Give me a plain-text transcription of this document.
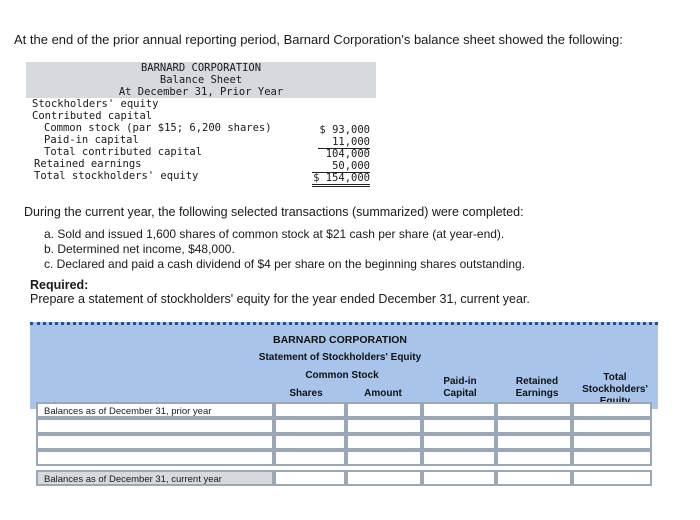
At the end of the prior annual reporting period, Barnard Corporation's balance sheet showed the following:

BARNARD CORPORATION

Balance Sheet

At December 31, Prior Year

Stockholders' equity

Contributed capital

Common stock (par $15; 6,200 shares)

Paid-in capital

Total contributed capital

Retained earnings

Total stockholders' equity

$ 93,000

11,000

104,000

50,000

$ 154,000

During the current year, the following selected transactions (summarized) were completed:
a. Sold and issued 1,600 shares of common stock at $21 cash per share (at year-end).
b. Determined net income, $48,000.
c. Declared and paid a cash dividend of $4 per share on the beginning shares outstanding.
Required:
Prepare a statement of stockholders' equity for the year ended December 31, current year.
BARNARD CORPORATION
Statement of Stockholders' Equity
Common Stock
Shares	Amount
Paid-in Capital
Retained Earnings
Total Stockholders'
Balances as of December 31, prior year
Balances as of December 31, current year
